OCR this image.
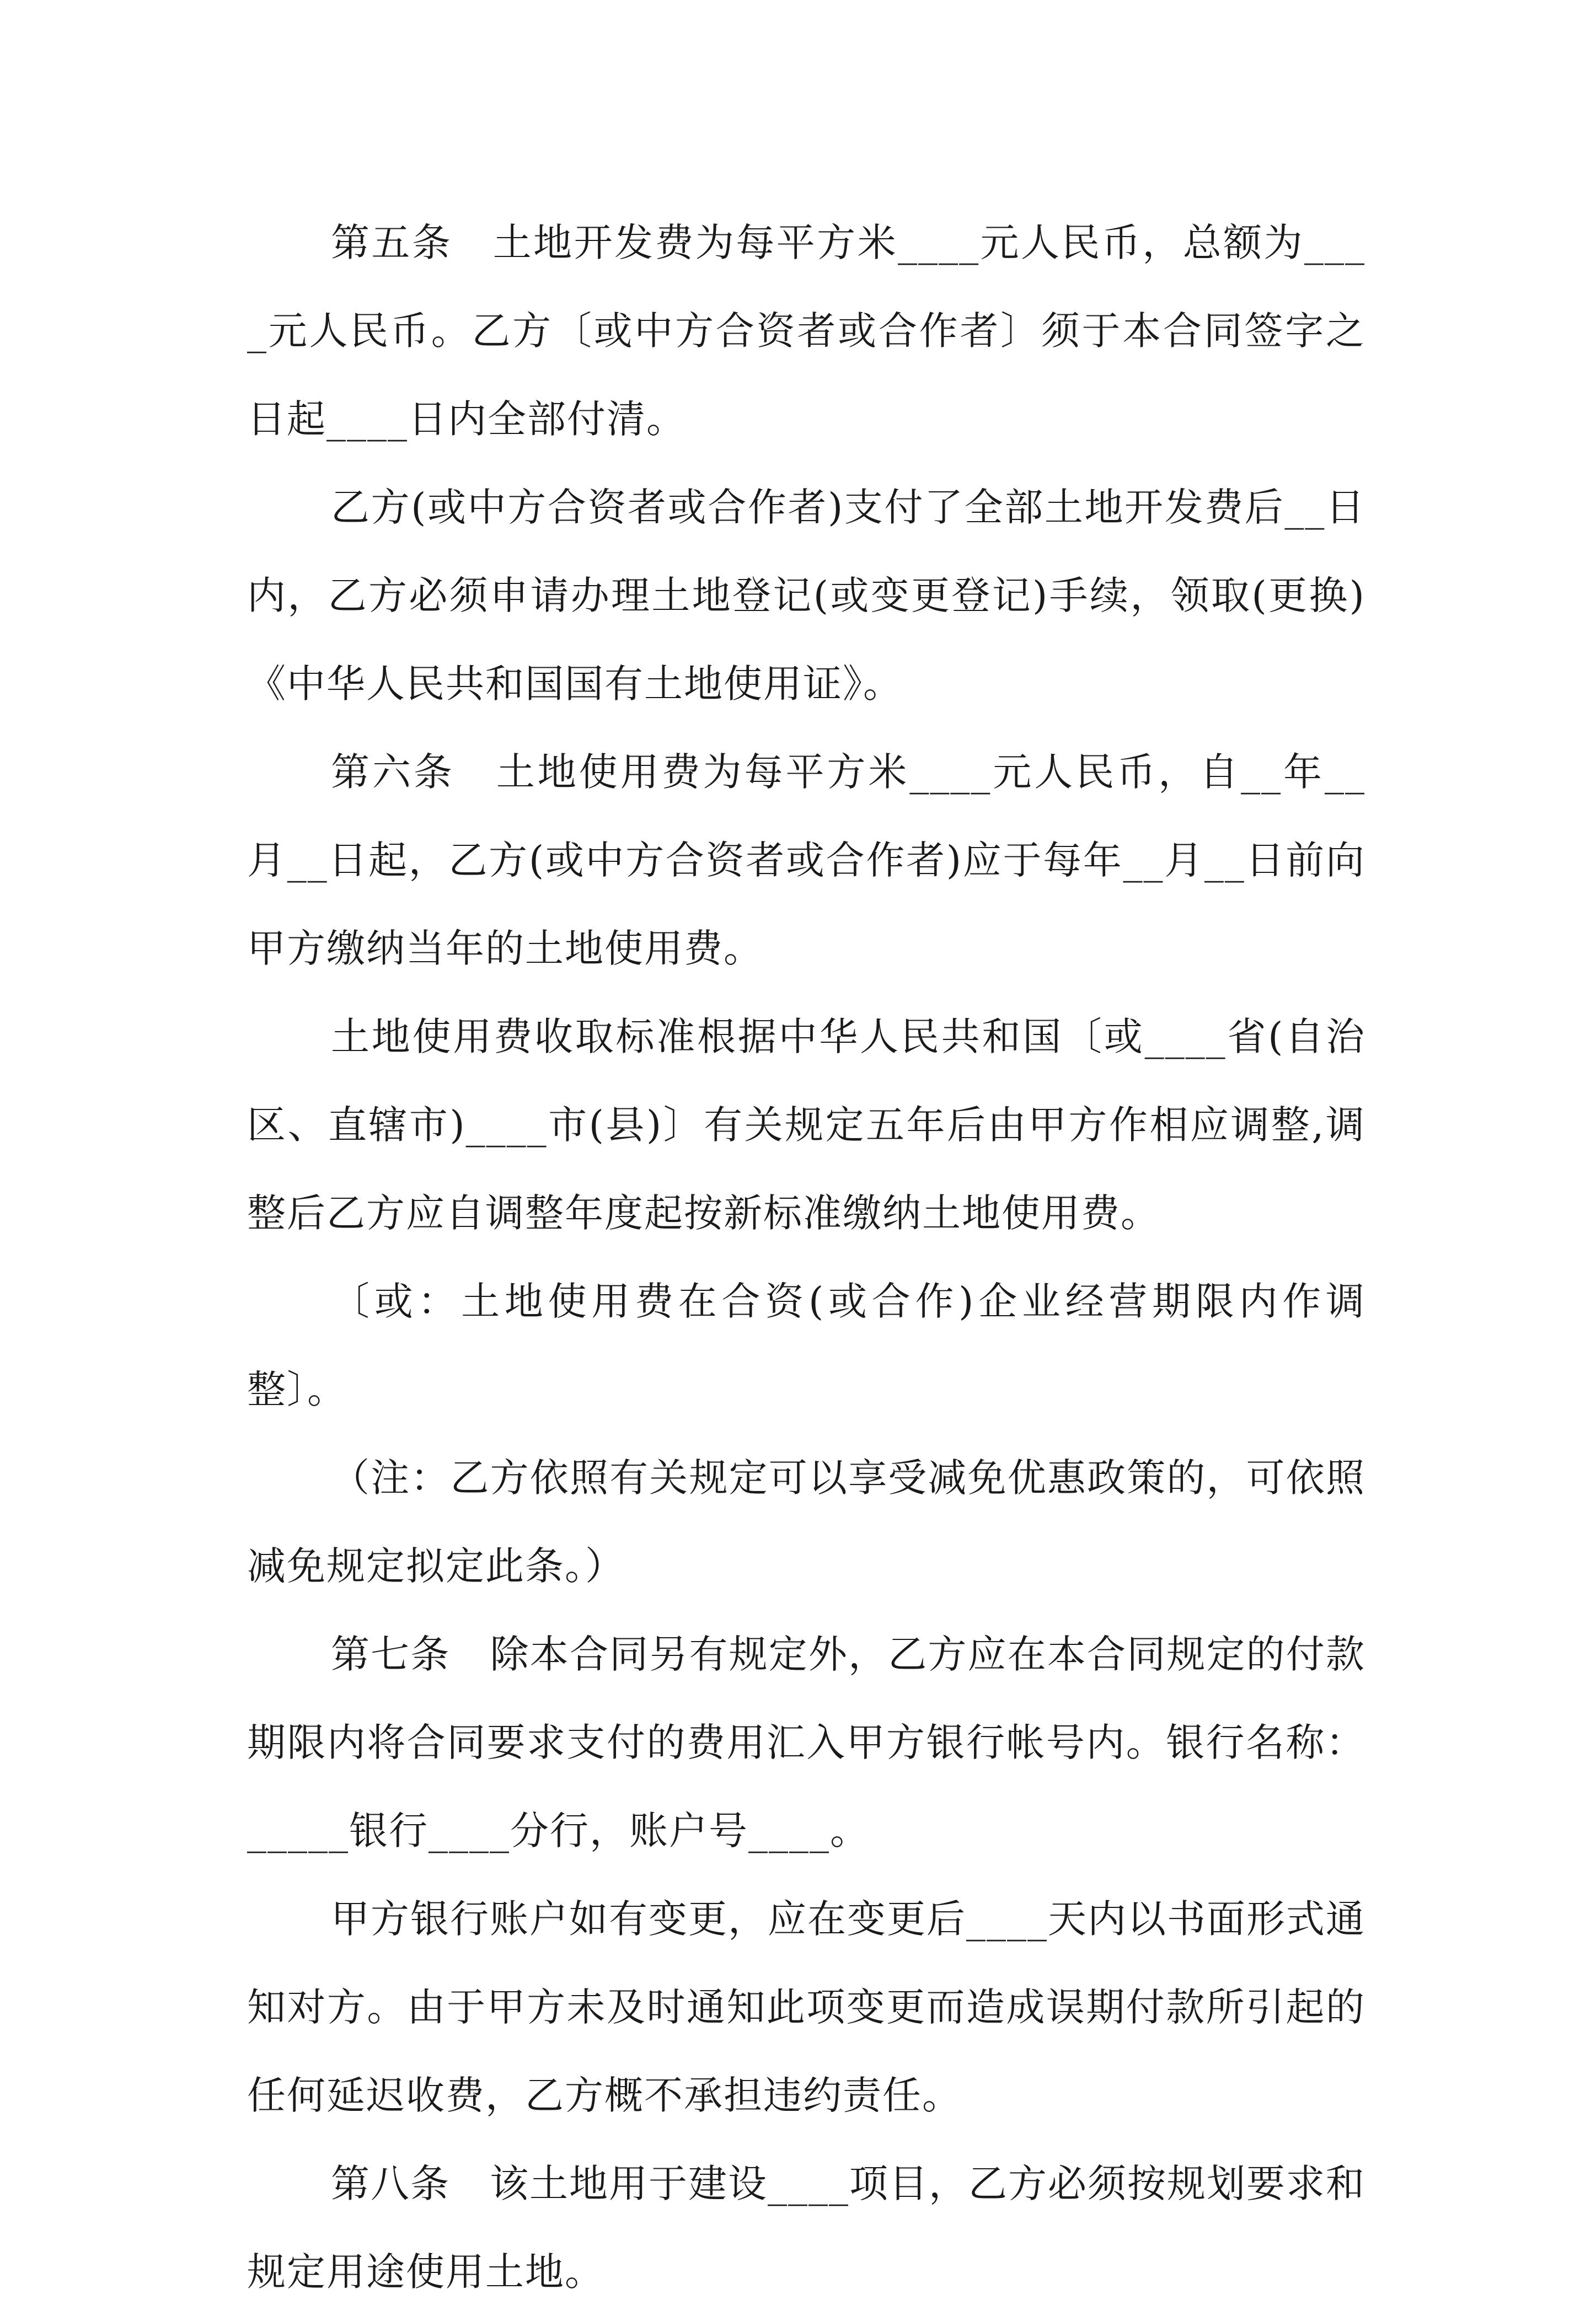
第五条　土地开发费为每平方米____元人民币，总额为____元人民币。乙方〔或中方合资者或合作者〕须于本合同签字之日起____日内全部付清。

乙方(或中方合资者或合作者)支付了全部土地开发费后__日内，乙方必须申请办理土地登记(或变更登记)手续，领取(更换)《中华人民共和国国有土地使用证》。

第六条　土地使用费为每平方米____元人民币，自__年__月__日起，乙方(或中方合资者或合作者)应于每年__月__日前向甲方缴纳当年的土地使用费。

土地使用费收取标准根据中华人民共和国〔或____省(自治区、直辖市)____市(县)〕有关规定五年后由甲方作相应调整,调整后乙方应自调整年度起按新标准缴纳土地使用费。

〔或：土地使用费在合资(或合作)企业经营期限内作调整〕。

（注：乙方依照有关规定可以享受减免优惠政策的，可依照减免规定拟定此条。）

第七条　除本合同另有规定外，乙方应在本合同规定的付款期限内将合同要求支付的费用汇入甲方银行帐号内。银行名称：_____银行____分行，账户号____。

甲方银行账户如有变更，应在变更后____天内以书面形式通知对方。由于甲方未及时通知此项变更而造成误期付款所引起的任何延迟收费，乙方概不承担违约责任。

第八条　该土地用于建设____项目，乙方必须按规划要求和规定用途使用土地。
